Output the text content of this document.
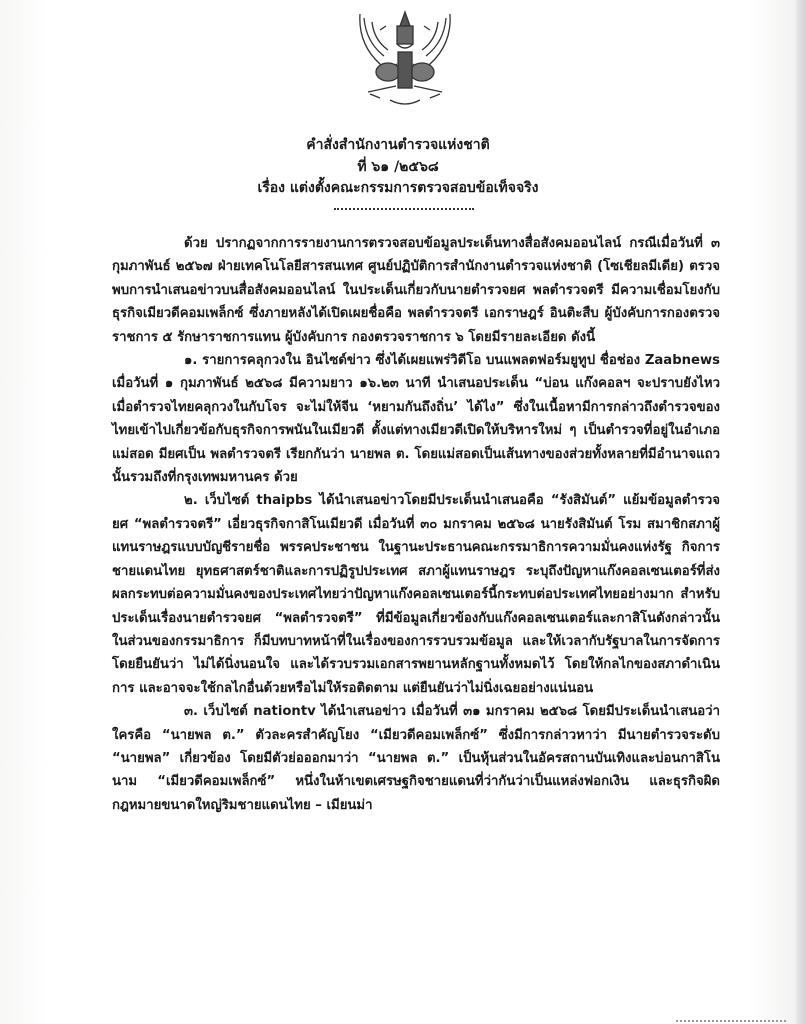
คำสั่งสำนักงานตำรวจแห่งชาติ
ที่ ๖๑ /๒๕๖๘
เรื่อง แต่งตั้งคณะกรรมการตรวจสอบข้อเท็จจริง

ด้วย ปรากฏจากการรายงานการตรวจสอบข้อมูลประเด็นทางสื่อสังคมออนไลน์ กรณีเมื่อวันที่ ๓ กุมภาพันธ์ ๒๕๖๗ ฝ่ายเทคโนโลยีสารสนเทศ ศูนย์ปฏิบัติการสำนักงานตำรวจแห่งชาติ (โซเชียลมีเดีย) ตรวจพบการนำเสนอข่าวบนสื่อสังคมออนไลน์ ในประเด็นเกี่ยวกับนายตำรวจยศ พลตำรวจตรี มีความเชื่อมโยงกับธุรกิจเมียวดีคอมเพล็กซ์ ซึ่งภายหลังได้เปิดเผยชื่อคือ พลตำรวจตรี เอกราษฎร์ อินติะสืบ ผู้บังคับการกองตรวจราชการ ๕ รักษาราชการแทน ผู้บังคับการ กองตรวจราชการ ๖ โดยมีรายละเอียด ดังนี้

๑. รายการคลุกวงใน อินไซด์ข่าว ซึ่งได้เผยแพร่วิดีโอ บนแพลตฟอร์มยูทูป ชื่อช่อง Zaabnews เมื่อวันที่ ๑ กุมภาพันธ์ ๒๕๖๘ มีความยาว ๑๖.๒๓ นาที นำเสนอประเด็น “บ่อน แก๊งคอลฯ จะปราบยังไหว เมื่อตำรวจไทยคลุกวงในกับโจร จะไม่ให้จีน ‘หยามกันถึงถิ่น’ ได้ไง” ซึ่งในเนื้อหามีการกล่าวถึงตำรวจของไทยเข้าไปเกี่ยวข้อกับธุรกิจการพนันในเมียวดี ตั้งแต่ทางเมียวดีเปิดให้บริหารใหม่ ๆ เป็นตำรวจที่อยู่ในอำเภอแม่สอด มียศเป็น พลตำรวจตรี เรียกกันว่า นายพล ต. โดยแม่สอดเป็นเส้นทางของส่วยทั้งหลายที่มีอำนาจแถวนั้นรวมถึงที่กรุงเทพมหานคร ด้วย

๒. เว็บไซต์ thaipbs ได้นำเสนอข่าวโดยมีประเด็นนำเสนอคือ “รังสิมันต์” แย้มข้อมูลตำรวจยศ “พลตำรวจตรี” เอี่ยวธุรกิจกาสิโนเมียวดี เมื่อวันที่ ๓๐ มกราคม ๒๕๖๘ นายรังสิมันต์ โรม สมาชิกสภาผู้แทนราษฎรแบบบัญชีรายชื่อ พรรคประชาชน ในฐานะประธานคณะกรรมาธิการความมั่นคงแห่งรัฐ กิจการชายแดนไทย ยุทธศาสตร์ชาติและการปฏิรูปประเทศ สภาผู้แทนราษฎร ระบุถึงปัญหาแก๊งคอลเซนเตอร์ที่ส่งผลกระทบต่อความมั่นคงของประเทศไทยว่าปัญหาแก๊งคอลเซนเตอร์นี้กระทบต่อประเทศไทยอย่างมาก สำหรับประเด็นเรื่องนายตำรวจยศ “พลตำรวจตรี” ที่มีข้อมูลเกี่ยวข้องกับแก๊งคอลเซนเตอร์และกาสิโนดังกล่าวนั้น ในส่วนของกรรมาธิการ ก็มีบทบาทหน้าที่ในเรื่องของการรวบรวมข้อมูล และให้เวลากับรัฐบาลในการจัดการ โดยยืนยันว่า ไม่ได้นิ่งนอนใจ และได้รวบรวมเอกสารพยานหลักฐานทั้งหมดไว้ โดยให้กลไกของสภาดำเนินการ และอาจจะใช้กลไกอื่นด้วยหรือไม่ให้รอติดตาม แต่ยืนยันว่าไม่นิ่งเฉยอย่างแน่นอน

๓. เว็บไซต์ nationtv ได้นำเสนอข่าว เมื่อวันที่ ๓๑ มกราคม ๒๕๖๘ โดยมีประเด็นนำเสนอว่าใครคือ “นายพล ต.” ตัวละครสำคัญโยง “เมียวดีคอมเพล็กซ์” ซึ่งมีการกล่าวหาว่า มีนายตำรวจระดับ “นายพล” เกี่ยวข้อง โดยมีตัวย่อออกมาว่า “นายพล ต.” เป็นหุ้นส่วนในอัครสถานบันเทิงและบ่อนกาสิโนนาม “เมียวดีคอมเพล็กซ์” หนึ่งในห้าเขตเศรษฐกิจชายแดนที่ว่ากันว่าเป็นแหล่งฟอกเงิน และธุรกิจผิดกฎหมายขนาดใหญ่ริมชายแดนไทย – เมียนม่า
